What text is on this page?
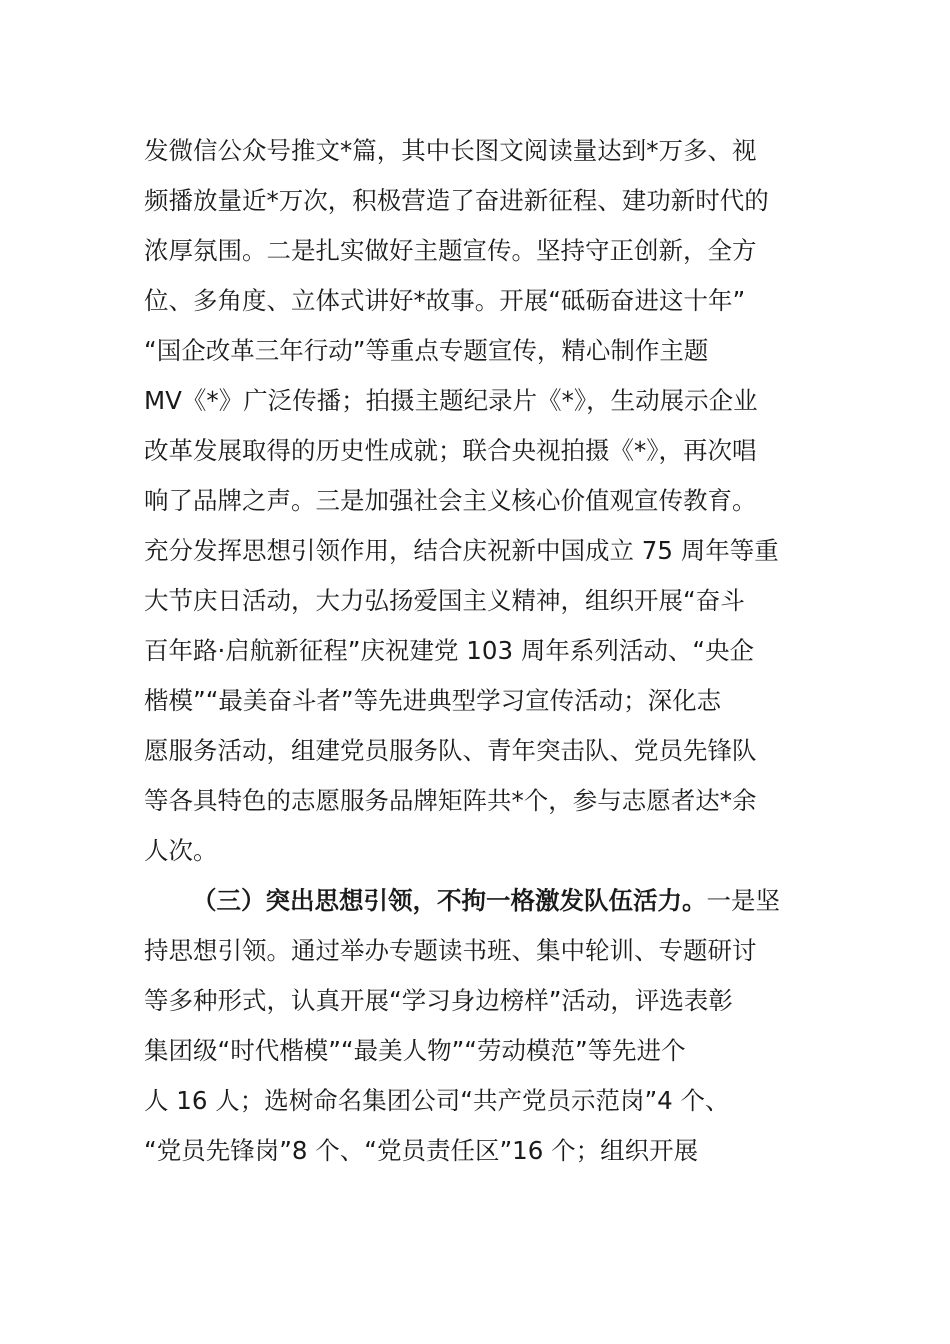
发微信公众号推文*篇，其中长图文阅读量达到*万多、视
频播放量近*万次，积极营造了奋进新征程、建功新时代的
浓厚氛围。二是扎实做好主题宣传。坚持守正创新，全方
位、多角度、立体式讲好*故事。开展“砥砺奋进这十年”
“国企改革三年行动”等重点专题宣传，精心制作主题
MV《*》广泛传播；拍摄主题纪录片《*》，生动展示企业
改革发展取得的历史性成就；联合央视拍摄《*》，再次唱
响了品牌之声。三是加强社会主义核心价值观宣传教育。
充分发挥思想引领作用，结合庆祝新中国成立 75 周年等重
大节庆日活动，大力弘扬爱国主义精神，组织开展“奋斗
百年路·启航新征程”庆祝建党 103 周年系列活动、“央企
楷模”“最美奋斗者”等先进典型学习宣传活动；深化志
愿服务活动，组建党员服务队、青年突击队、党员先锋队
等各具特色的志愿服务品牌矩阵共*个，参与志愿者达*余
人次。
（三）突出思想引领，不拘一格激发队伍活力。一是坚
持思想引领。通过举办专题读书班、集中轮训、专题研讨
等多种形式，认真开展“学习身边榜样”活动，评选表彰
集团级“时代楷模”“最美人物”“劳动模范”等先进个
人 16 人；选树命名集团公司“共产党员示范岗”4 个、
“党员先锋岗”8 个、“党员责任区”16 个；组织开展
